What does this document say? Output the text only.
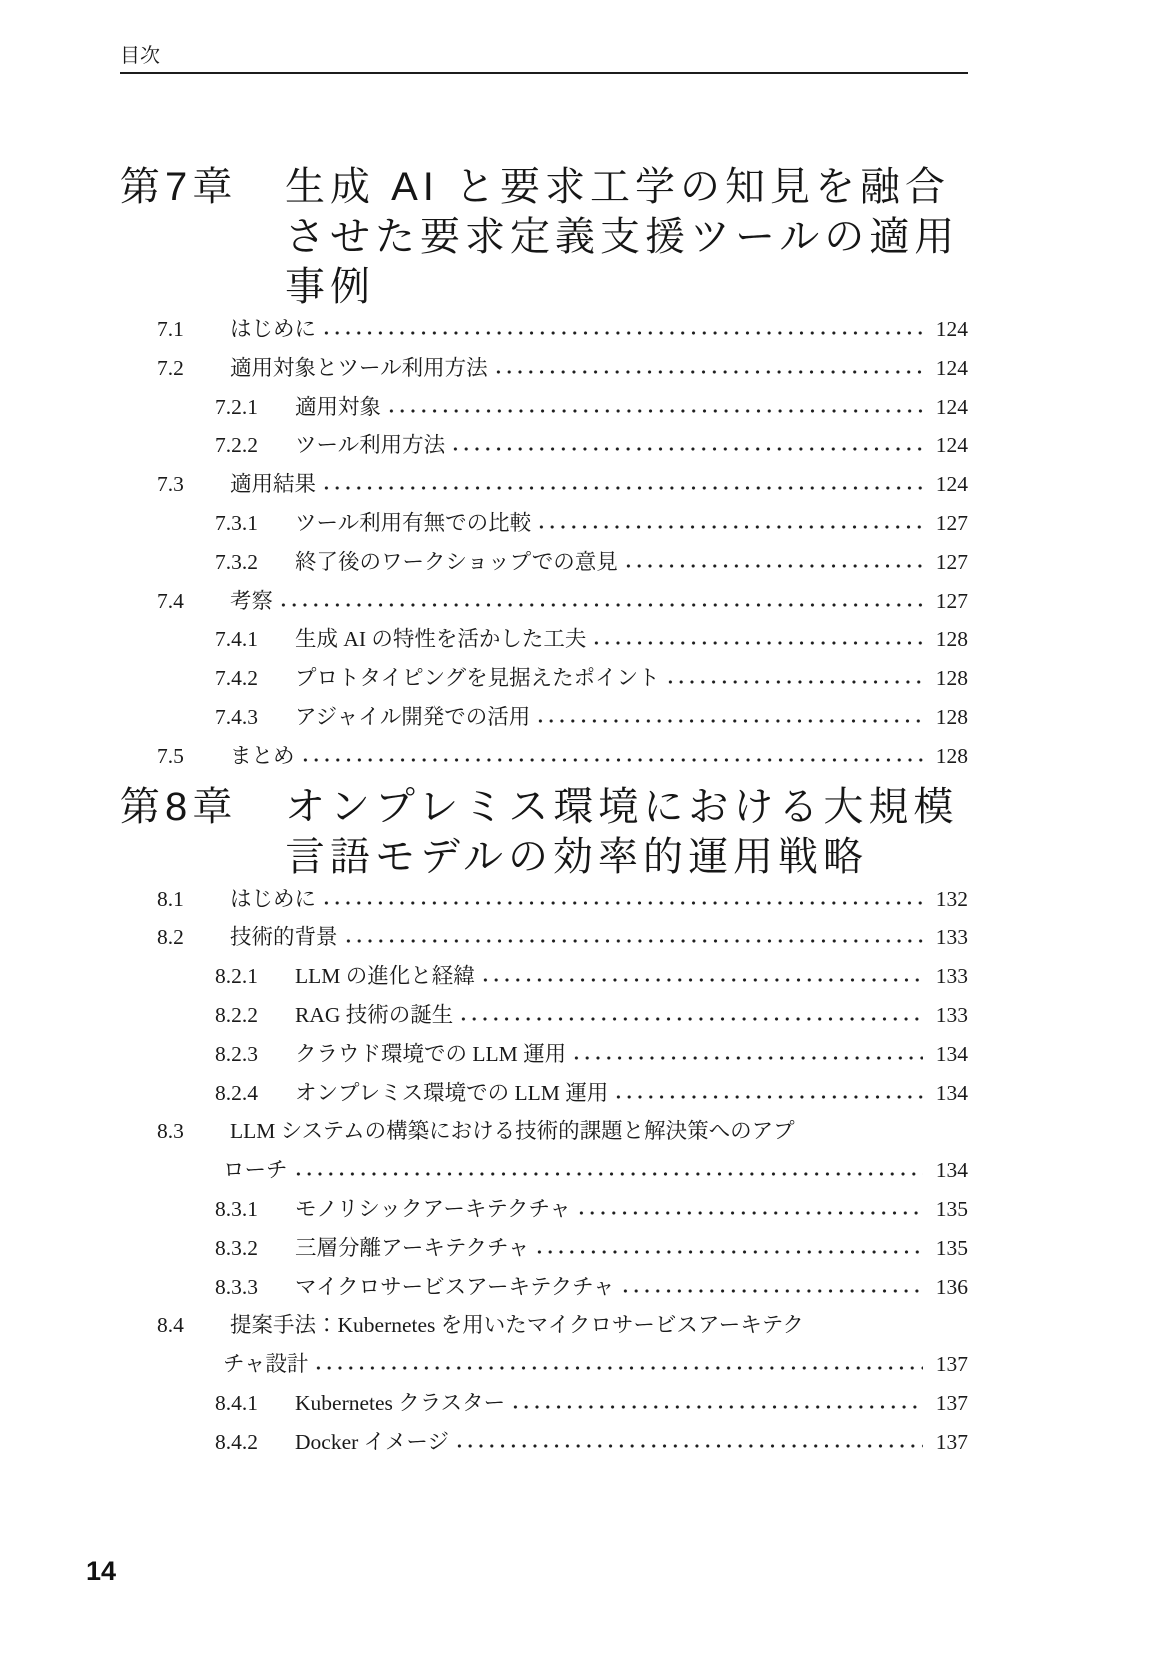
目次
第7章	生成 AI と要求工学の知見を融合
させた要求定義支援ツールの適用
事例
7.1	はじめに	124
7.2	適用対象とツール利用方法	124
7.2.1	適用対象	124
7.2.2	ツール利用方法	124
7.3	適用結果	124
7.3.1	ツール利用有無での比較	127
7.3.2	終了後のワークショップでの意見	127
7.4	考察	127
7.4.1	生成 AI の特性を活かした工夫	128
7.4.2	プロトタイピングを見据えたポイント	128
7.4.3	アジャイル開発での活用	128
7.5	まとめ	128
第8章	オンプレミス環境における大規模
言語モデルの効率的運用戦略
8.1	はじめに	132
8.2	技術的背景	133
8.2.1	LLM の進化と経緯	133
8.2.2	RAG 技術の誕生	133
8.2.3	クラウド環境での LLM 運用	134
8.2.4	オンプレミス環境での LLM 運用	134
8.3	LLM システムの構築における技術的課題と解決策へのアプ
ローチ	134
8.3.1	モノリシックアーキテクチャ	135
8.3.2	三層分離アーキテクチャ	135
8.3.3	マイクロサービスアーキテクチャ	136
8.4	提案手法：Kubernetes を用いたマイクロサービスアーキテク
チャ設計	137
8.4.1	Kubernetes クラスター	137
8.4.2	Docker イメージ	137
14
